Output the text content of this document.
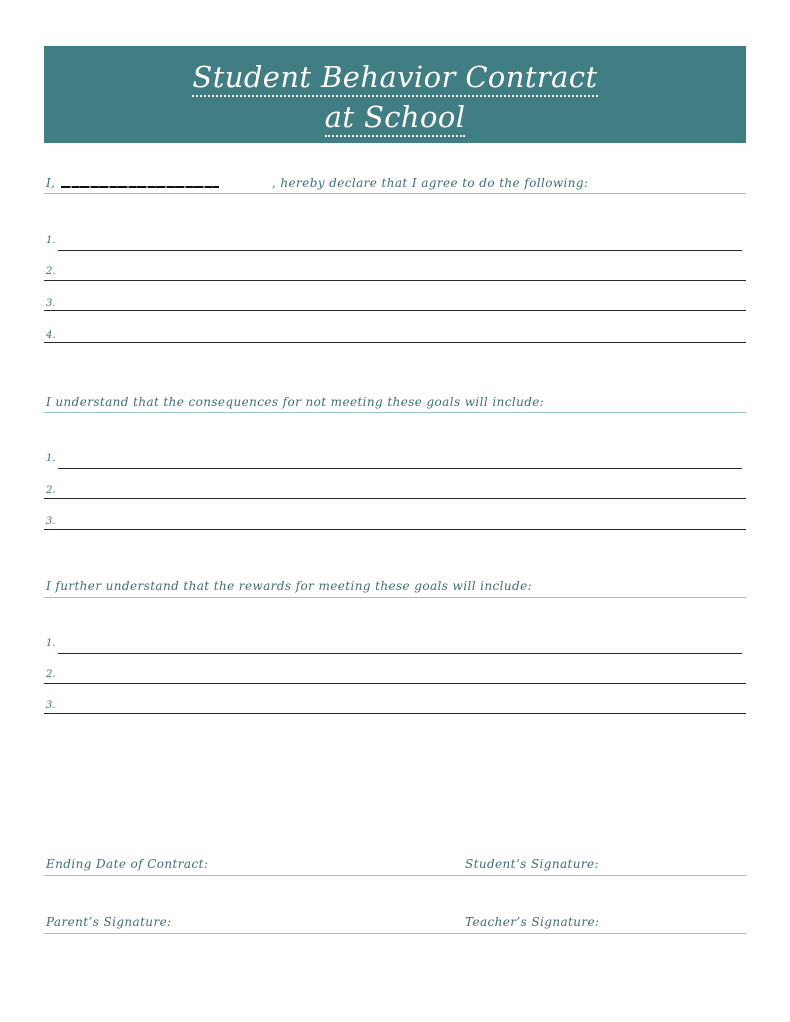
Student Behavior Contract
at School
I,	, hereby declare that I agree to do the following:
1.
2.
3.
4.
I understand that the consequences for not meeting these goals will include:
1.
2.
3.
I further understand that the rewards for meeting these goals will include:
1.
2.
3.
Ending Date of Contract:	Student’s Signature:
Parent’s Signature:	Teacher’s Signature:
